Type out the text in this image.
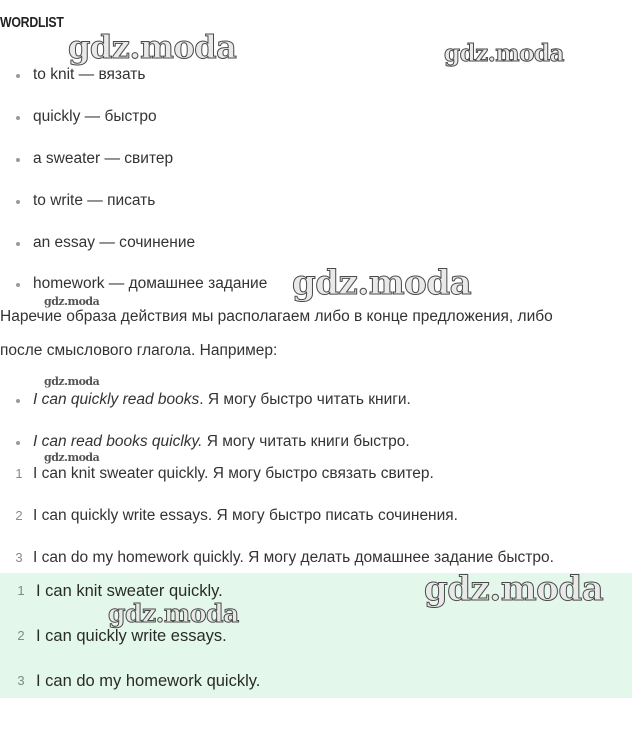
WORDLIST
to knit — вязать
quickly — быстро
a sweater — свитер
to write — писать
an essay — сочинение
homework — домашнее задание
Наречие образа действия мы располагаем либо в конце предложения, либо
после смыслового глагола. Например:
I can quickly read books. Я могу быстро читать книги.
I can read books quiclky. Я могу читать книги быстро.
1 I can knit sweater quickly. Я могу быстро связать свитер.
2 I can quickly write essays. Я могу быстро писать сочинения.
3 I can do my homework quickly. Я могу делать домашнее задание быстро.
1 I can knit sweater quickly.
2 I can quickly write essays.
3 I can do my homework quickly.
gdz.moda	gdz.moda
gdz.moda
gdz.moda
gdz.moda
gdz.moda
gdz.moda
gdz.moda
